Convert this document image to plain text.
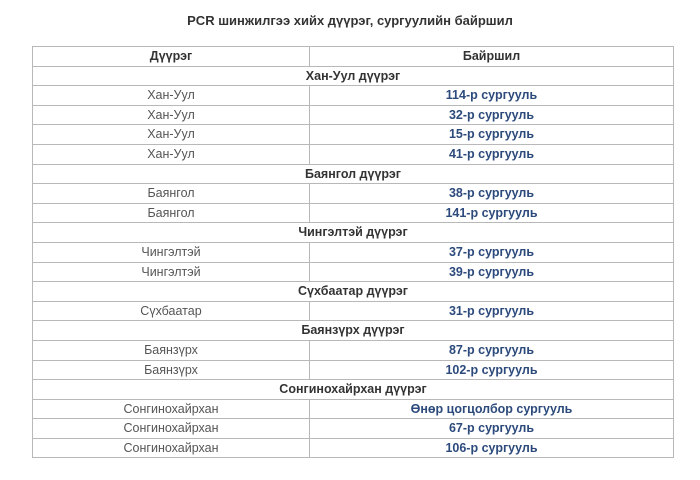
PCR шинжилгээ хийх дүүрэг, сургуулийн байршил
Дүүрэг	Байршил
Хан-Уул дүүрэг	
Хан-Уул	114-р сургууль
Хан-Уул	32-р сургууль
Хан-Уул	15-р сургууль
Хан-Уул	41-р сургууль
Баянгол дүүрэг	
Баянгол	38-р сургууль
Баянгол	141-р сургууль
Чингэлтэй дүүрэг	
Чингэлтэй	37-р сургууль
Чингэлтэй	39-р сургууль
Сүхбаатар дүүрэг	
Сүхбаатар	31-р сургууль
Баянзүрх дүүрэг	
Баянзүрх	87-р сургууль
Баянзүрх	102-р сургууль
Сонгинохайрхан дүүрэг	
Сонгинохайрхан	Өнөр цогцолбор сургууль
Сонгинохайрхан	67-р сургууль
Сонгинохайрхан	106-р сургууль
